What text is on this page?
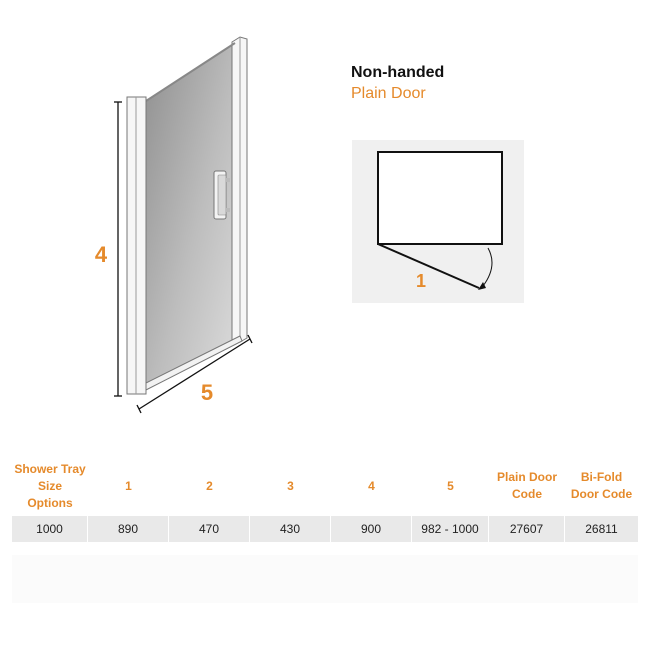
4
5
Non-handed
Plain Door
1
Shower Tray Size Options	1	2	3	4	5	Plain Door Code	Bi-Fold Door Code
1000	890	470	430	900	982 - 1000	27607	26811
